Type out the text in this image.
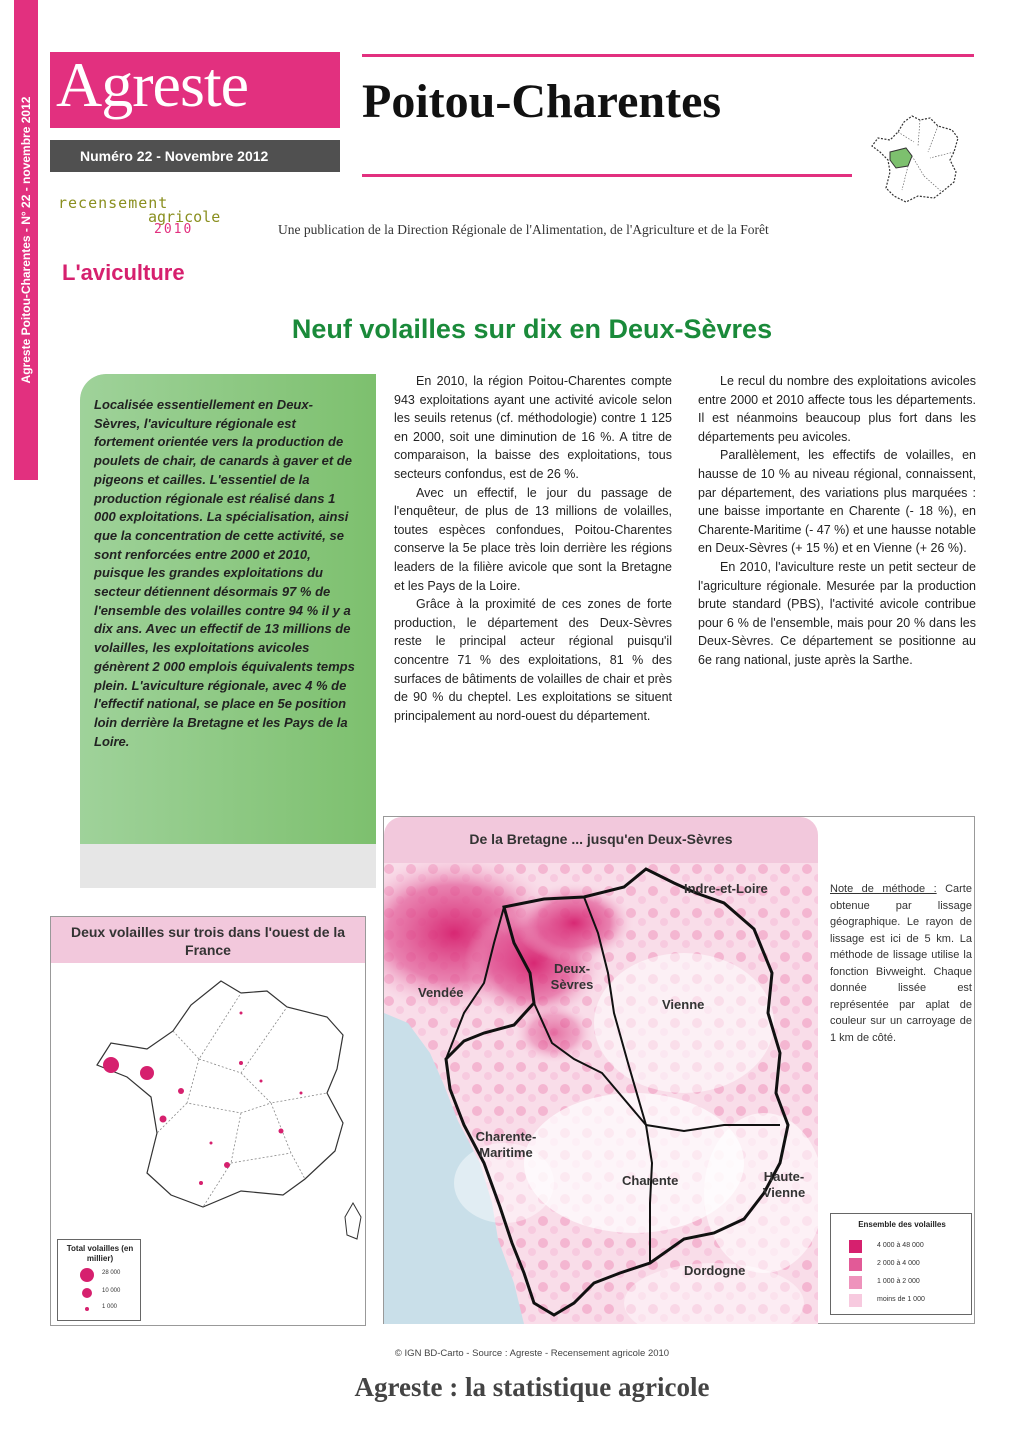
Agreste Poitou-Charentes - N° 22 - novembre 2012
Agreste
Numéro 22 - Novembre 2012
Poitou-Charentes
recensement
agricole
2010	Une publication de la Direction Régionale de l'Alimentation, de l'Agriculture et de la Forêt
L'aviculture
Neuf volailles sur dix en Deux-Sèvres
Localisée essentiellement en Deux-Sèvres, l'aviculture régionale est fortement orientée vers la production de poulets de chair, de canards à gaver et de pigeons et cailles. L'essentiel de la production régionale est réalisé dans 1 000 exploitations. La spécialisation, ainsi que la concentration de cette activité, se sont renforcées entre 2000 et 2010, puisque les grandes exploitations du secteur détiennent désormais 97 % de l'ensemble des volailles contre 94 % il y a dix ans. Avec un effectif de 13 millions de volailles, les exploitations avicoles génèrent 2 000 emplois équivalents temps plein. L'aviculture régionale, avec 4 % de l'effectif national, se place en 5e position loin derrière la Bretagne et les Pays de la Loire.

En 2010, la région Poitou-Charentes compte 943 exploitations ayant une activité avicole selon les seuils retenus (cf. méthodologie) contre 1 125 en 2000, soit une diminution de 16 %. A titre de comparaison, la baisse des exploitations, tous secteurs confondus, est de 26 %.

Avec un effectif, le jour du passage de l'enquêteur, de plus de 13 millions de volailles, toutes espèces confondues, Poitou-Charentes conserve la 5e place très loin derrière les régions leaders de la filière avicole que sont la Bretagne et les Pays de la Loire.

Grâce à la proximité de ces zones de forte production, le département des Deux-Sèvres reste le principal acteur régional puisqu'il concentre 71 % des exploitations, 81 % des surfaces de bâtiments de volailles de chair et près de 90 % du cheptel. Les exploitations se situent principalement au nord-ouest du département.

Le recul du nombre des exploitations avicoles entre 2000 et 2010 affecte tous les départements. Il est néanmoins beaucoup plus fort dans les départements peu avicoles.

Parallèlement, les effectifs de volailles, en hausse de 10 % au niveau régional, connaissent, par département, des variations plus marquées : une baisse importante en Charente (- 18 %), en Charente-Maritime (- 47 %) et une hausse notable en Deux-Sèvres (+ 15 %) et en Vienne (+ 26 %).

En 2010, l'aviculture reste un petit secteur de l'agriculture régionale. Mesurée par la production brute standard (PBS), l'activité avicole contribue pour 6 % de l'ensemble, mais pour 20 % dans les Deux-Sèvres. Ce département se positionne au 6e rang national, juste après la Sarthe.

Deux volailles sur trois dans l'ouest de la France
Total volailles (en millier)
28 000
10 000
1 000
De la Bretagne ... jusqu'en Deux-Sèvres
Indre-et-Loire
Deux-Sèvres
Vendée
Vienne
Charente-Maritime
Charente	Haute-Vienne
Dordogne
Note de méthode : Carte obtenue par lissage géographique. Le rayon de lissage est ici de 5 km. La méthode de lissage utilise la fonction Bivweight. Chaque donnée lissée est représentée par aplat de couleur sur un carroyage de 1 km de côté.
Ensemble des volailles
4 000 à 48 000
2 000 à 4 000
1 000 à 2 000
moins de 1 000
© IGN BD-Carto - Source : Agreste - Recensement agricole 2010
Agreste : la statistique agricole
